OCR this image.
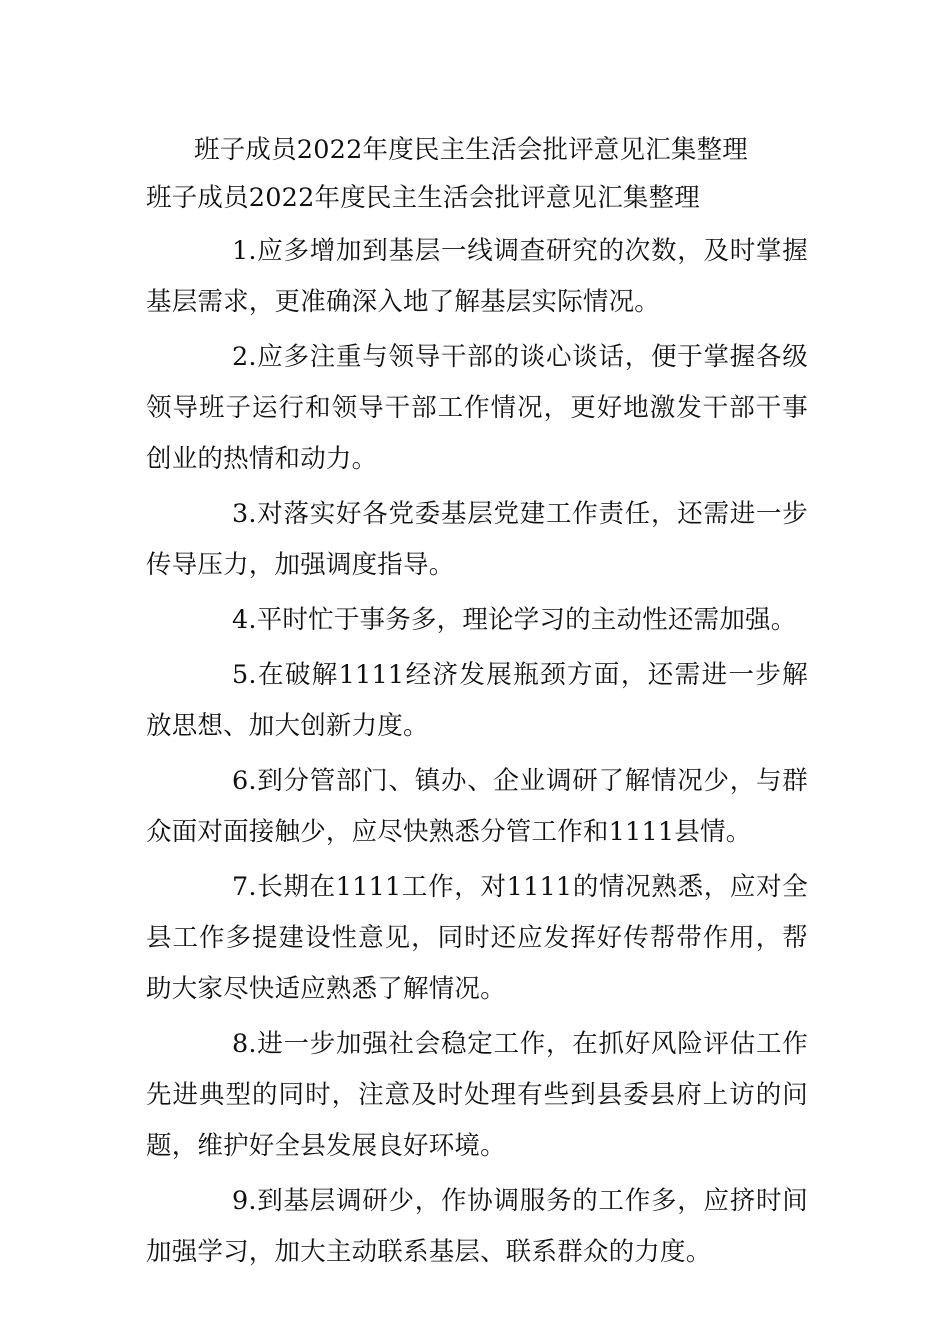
班子成员2022年度民主生活会批评意见汇集整理
班子成员2022年度民主生活会批评意见汇集整理

1.应多增加到基层一线调查研究的次数，及时掌握基层需求，更准确深入地了解基层实际情况。

2.应多注重与领导干部的谈心谈话，便于掌握各级领导班子运行和领导干部工作情况，更好地激发干部干事创业的热情和动力。

3.对落实好各党委基层党建工作责任，还需进一步传导压力，加强调度指导。

4.平时忙于事务多，理论学习的主动性还需加强。

5.在破解1111经济发展瓶颈方面，还需进一步解放思想、加大创新力度。

6.到分管部门、镇办、企业调研了解情况少，与群众面对面接触少，应尽快熟悉分管工作和1111县情。

7.长期在1111工作，对1111的情况熟悉，应对全县工作多提建设性意见，同时还应发挥好传帮带作用，帮助大家尽快适应熟悉了解情况。

8.进一步加强社会稳定工作，在抓好风险评估工作先进典型的同时，注意及时处理有些到县委县府上访的问题，维护好全县发展良好环境。

9.到基层调研少，作协调服务的工作多，应挤时间加强学习，加大主动联系基层、联系群众的力度。
